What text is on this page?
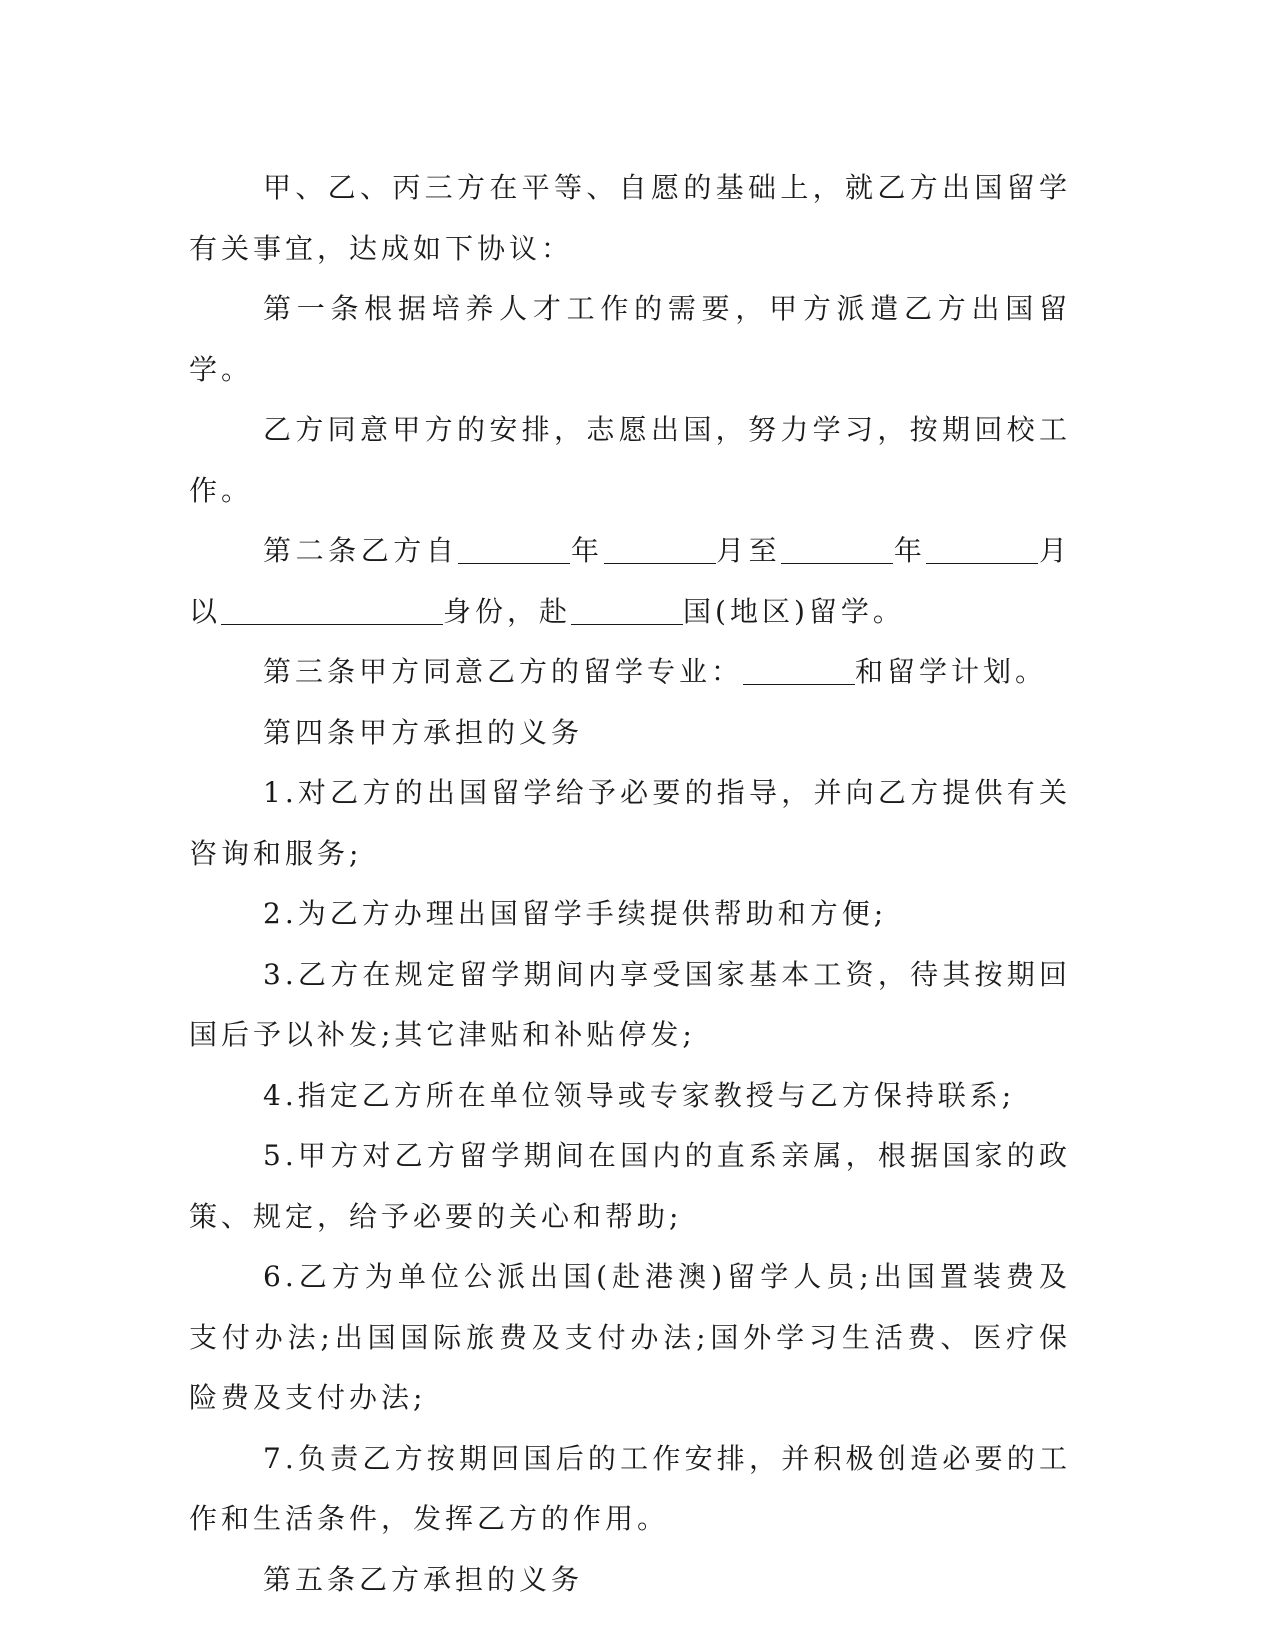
甲、乙、丙三方在平等、自愿的基础上，就乙方出国留学有关事宜，达成如下协议：

第一条根据培养人才工作的需要，甲方派遣乙方出国留学。

乙方同意甲方的安排，志愿出国，努力学习，按期回校工作。

第二条乙方自	年	月至	年	月以	身份，赴	国(地区)留学。

第三条甲方同意乙方的留学专业：	和留学计划。

第四条甲方承担的义务

1.对乙方的出国留学给予必要的指导，并向乙方提供有关咨询和服务;

2.为乙方办理出国留学手续提供帮助和方便;

3.乙方在规定留学期间内享受国家基本工资，待其按期回国后予以补发;其它津贴和补贴停发;

4.指定乙方所在单位领导或专家教授与乙方保持联系;

5.甲方对乙方留学期间在国内的直系亲属，根据国家的政策、规定，给予必要的关心和帮助;

6.乙方为单位公派出国(赴港澳)留学人员;出国置装费及支付办法;出国国际旅费及支付办法;国外学习生活费、医疗保险费及支付办法;

7.负责乙方按期回国后的工作安排，并积极创造必要的工作和生活条件，发挥乙方的作用。

第五条乙方承担的义务
